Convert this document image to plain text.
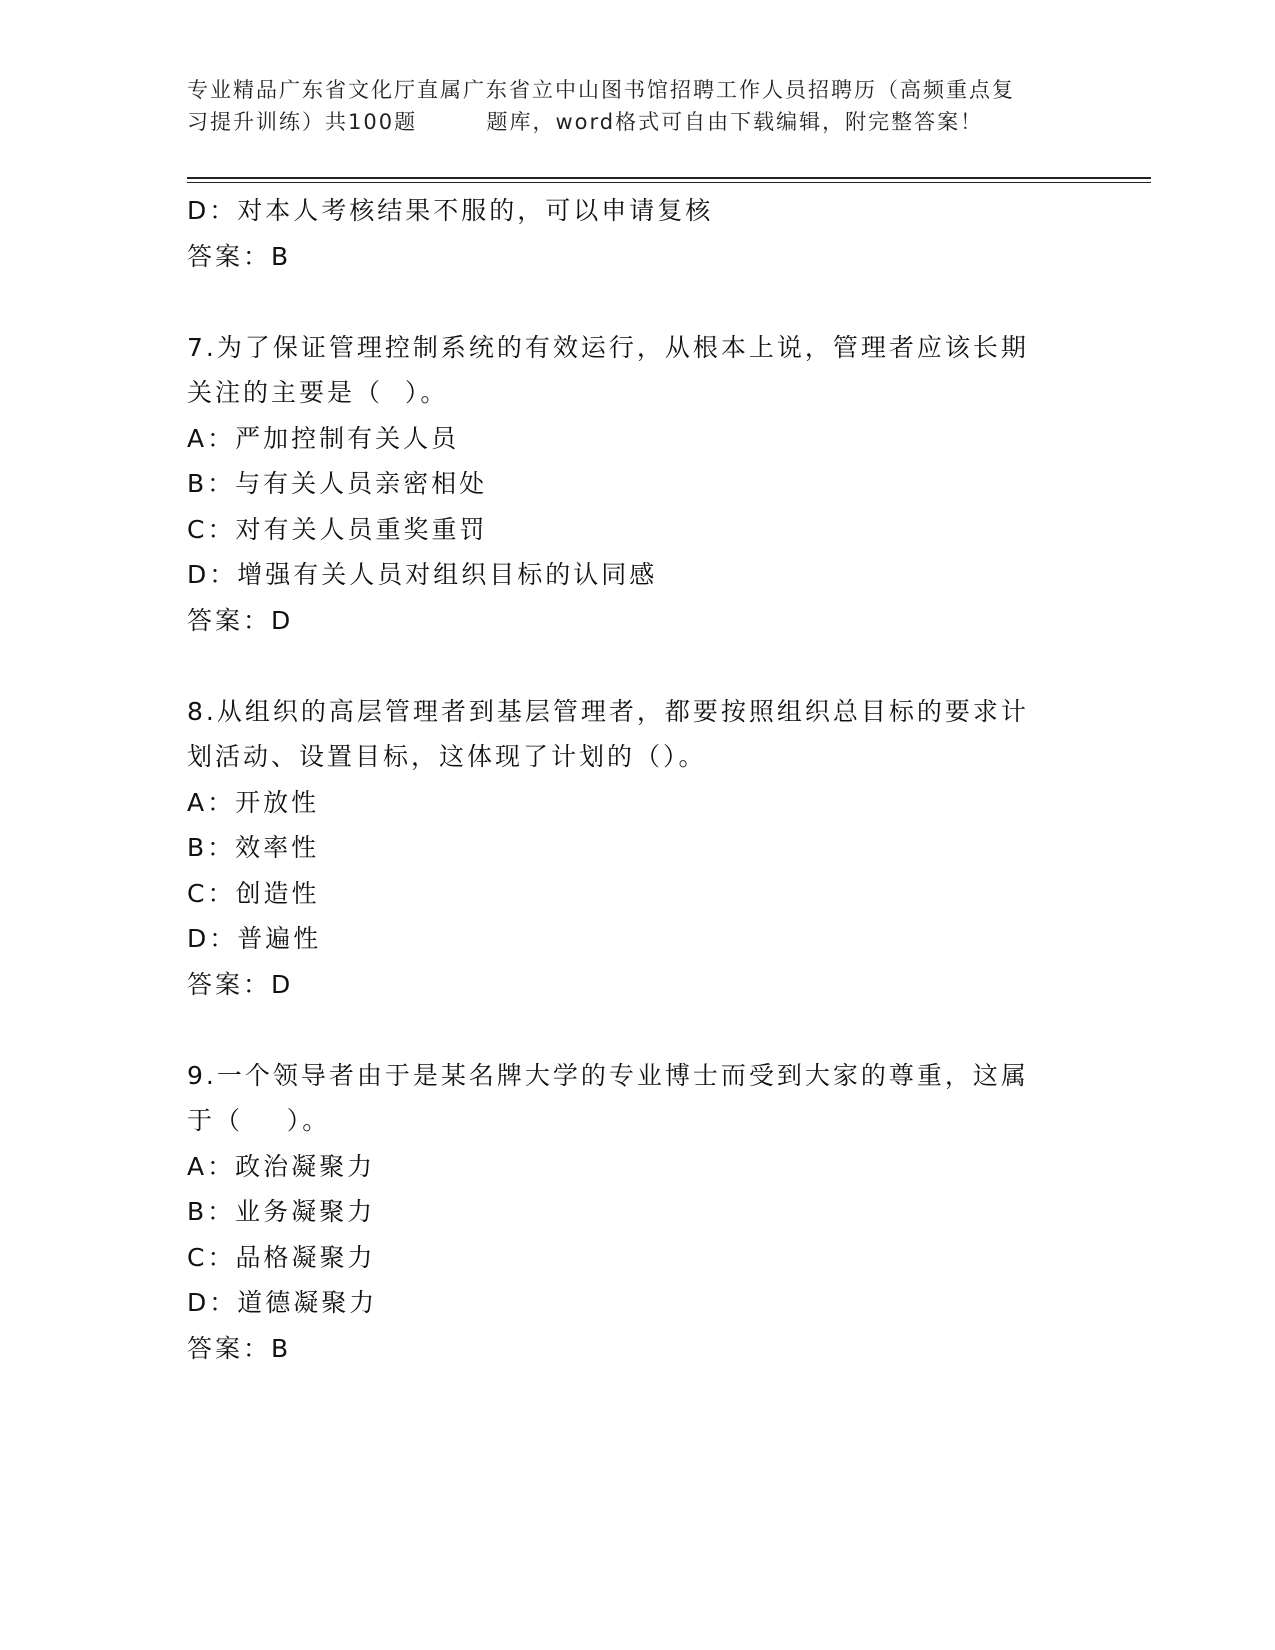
专业精品广东省文化厅直属广东省立中山图书馆招聘工作人员招聘历（高频重点复
习提升训练）共100题        题库，word格式可自由下载编辑，附完整答案！

D：对本人考核结果不服的，可以申请复核

答案：B

7.为了保证管理控制系统的有效运行，从根本上说，管理者应该长期

关注的主要是（  ）。

A：严加控制有关人员

B：与有关人员亲密相处

C：对有关人员重奖重罚

D：增强有关人员对组织目标的认同感

答案：D

8.从组织的高层管理者到基层管理者，都要按照组织总目标的要求计

划活动、设置目标，这体现了计划的（）。

A：开放性

B：效率性

C：创造性

D：普遍性

答案：D

9.一个领导者由于是某名牌大学的专业博士而受到大家的尊重，这属

于（    ）。

A：政治凝聚力

B：业务凝聚力

C：品格凝聚力

D：道德凝聚力

答案：B
